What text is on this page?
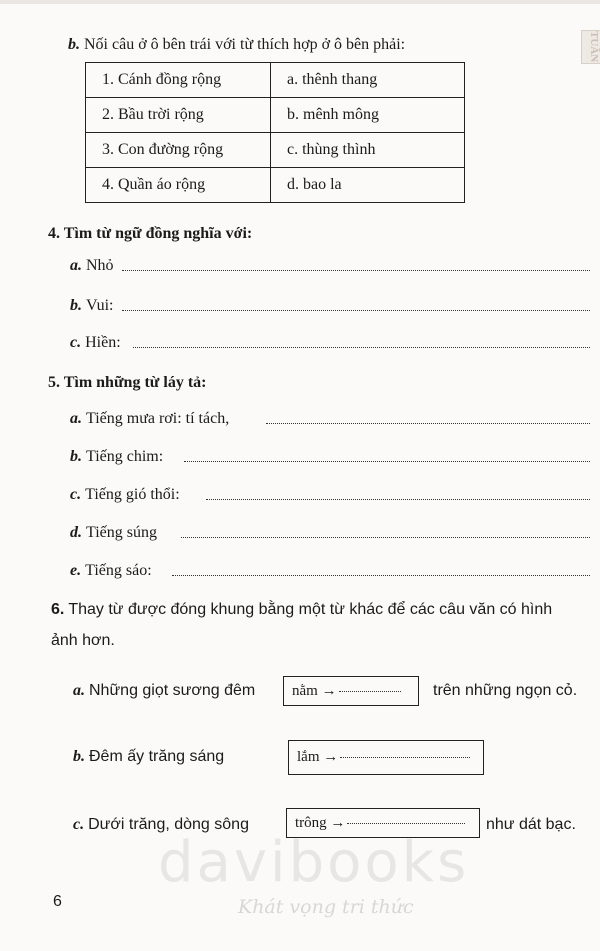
TUẦN
b. Nối câu ở ô bên trái với từ thích hợp ở ô bên phải:
1. Cánh đồng rộng	a. thênh thang
2. Bầu trời rộng	b. mênh mông
3. Con đường rộng	c. thùng thình
4. Quần áo rộng	d. bao la
4. Tìm từ ngữ đồng nghĩa với:
a. Nhỏ
b. Vui:
c. Hiền:
5. Tìm những từ láy tả:
a. Tiếng mưa rơi: tí tách,
b. Tiếng chim:
c. Tiếng gió thổi:
d. Tiếng súng
e. Tiếng sáo:
6. Thay từ được đóng khung bằng một từ khác để các câu văn có hình
ảnh hơn.
a. Những giọt sương đêm	nằm →	trên những ngọn cỏ.
b. Đêm ấy trăng sáng	lắm →
c. Dưới trăng, dòng sông	trông →	như dát bạc.
davibooks
Khát vọng tri thức
6
